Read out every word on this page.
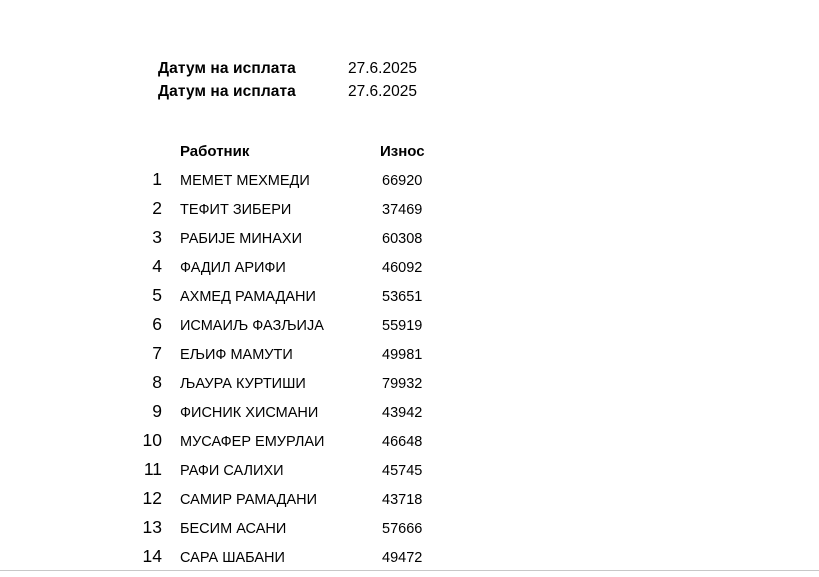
Датум на исплата	27.6.2025
Датум на исплата	27.6.2025
Работник	Износ
1	МЕМЕТ МЕХМЕДИ	66920
2	ТЕФИТ ЗИБЕРИ	37469
3	РАБИЈЕ МИНАХИ	60308
4	ФАДИЛ АРИФИ	46092
5	АХМЕД РАМАДАНИ	53651
6	ИСМАИЉ ФАЗЉИЈА	55919
7	ЕЉИФ МАМУТИ	49981
8	ЉАУРА КУРТИШИ	79932
9	ФИСНИК ХИСМАНИ	43942
10	МУСАФЕР ЕМУРЛАИ	46648
11	РАФИ САЛИХИ	45745
12	САМИР РАМАДАНИ	43718
13	БЕСИМ АСАНИ	57666
14	САРА ШАБАНИ	49472
